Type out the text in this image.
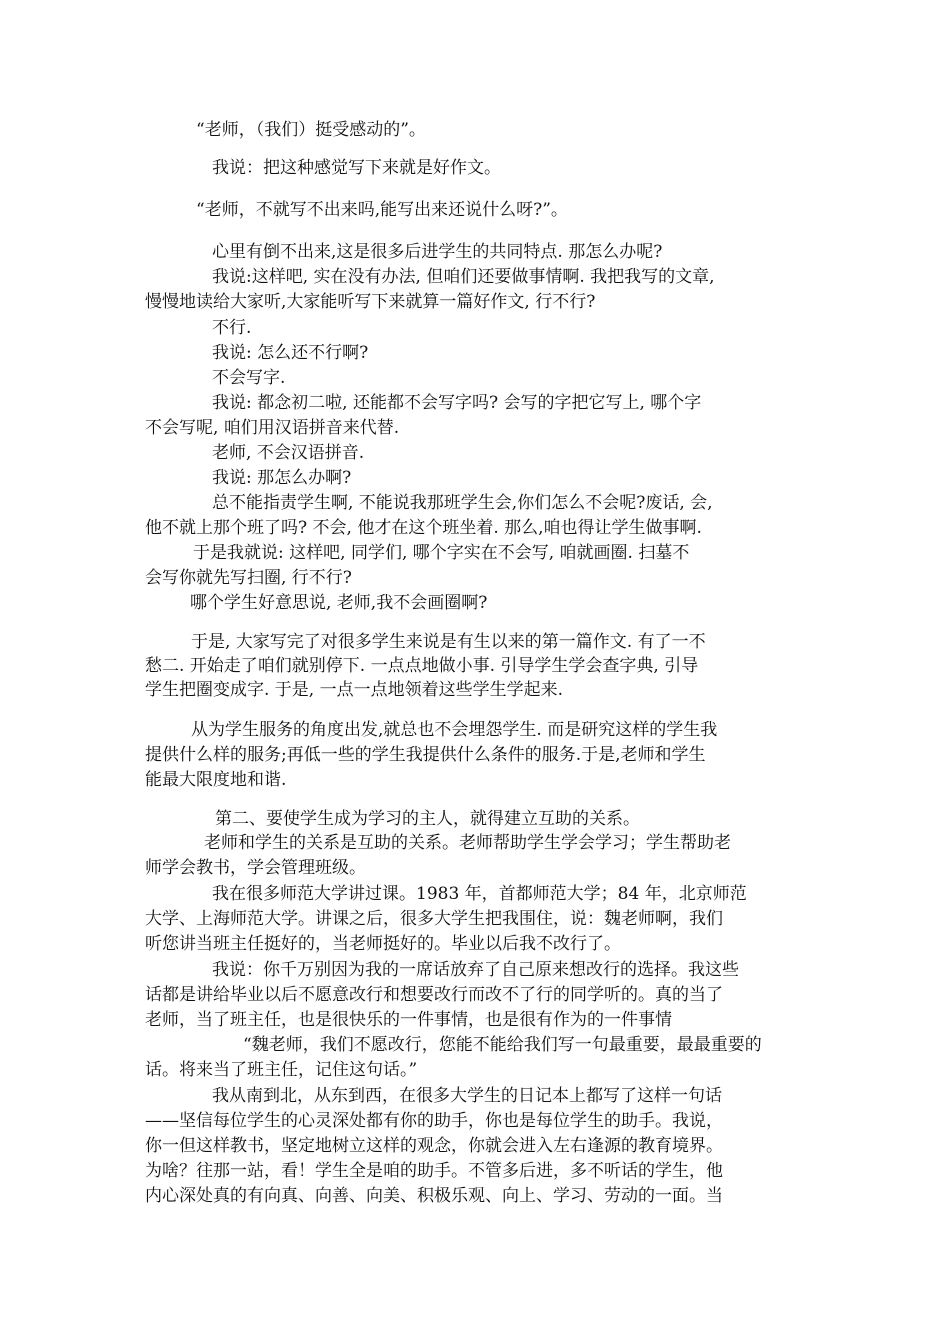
“老师，（我们）挺受感动的”。
我说：把这种感觉写下来就是好作文。
“老师，不就写不出来吗,能写出来还说什么呀?”。
心里有倒不出来,这是很多后进学生的共同特点. 那怎么办呢?
我说:这样吧, 实在没有办法, 但咱们还要做事情啊. 我把我写的文章,
慢慢地读给大家听,大家能听写下来就算一篇好作文, 行不行?
不行.
我说: 怎么还不行啊?
不会写字.
我说: 都念初二啦, 还能都不会写字吗? 会写的字把它写上, 哪个字
不会写呢, 咱们用汉语拼音来代替.
老师, 不会汉语拼音.
我说: 那怎么办啊?
总不能指责学生啊, 不能说我那班学生会,你们怎么不会呢?废话, 会,
他不就上那个班了吗? 不会, 他才在这个班坐着. 那么,咱也得让学生做事啊.
于是我就说: 这样吧, 同学们, 哪个字实在不会写, 咱就画圈. 扫墓不
会写你就先写扫圈, 行不行?
哪个学生好意思说, 老师,我不会画圈啊?
于是, 大家写完了对很多学生来说是有生以来的第一篇作文. 有了一不
愁二. 开始走了咱们就别停下. 一点点地做小事. 引导学生学会查字典, 引导
学生把圈变成字. 于是, 一点一点地领着这些学生学起来.
从为学生服务的角度出发,就总也不会埋怨学生. 而是研究这样的学生我
提供什么样的服务;再低一些的学生我提供什么条件的服务.于是,老师和学生
能最大限度地和谐.
第二、要使学生成为学习的主人，就得建立互助的关系。
老师和学生的关系是互助的关系。老师帮助学生学会学习；学生帮助老
师学会教书，学会管理班级。
我在很多师范大学讲过课。1983 年，首都师范大学；84 年，北京师范
大学、上海师范大学。讲课之后，很多大学生把我围住，说：魏老师啊，我们
听您讲当班主任挺好的，当老师挺好的。毕业以后我不改行了。
我说：你千万别因为我的一席话放弃了自己原来想改行的选择。我这些
话都是讲给毕业以后不愿意改行和想要改行而改不了行的同学听的。真的当了
老师，当了班主任，也是很快乐的一件事情，也是很有作为的一件事情
“魏老师，我们不愿改行，您能不能给我们写一句最重要，最最重要的
话。将来当了班主任，记住这句话。”
我从南到北，从东到西，在很多大学生的日记本上都写了这样一句话
——坚信每位学生的心灵深处都有你的助手，你也是每位学生的助手。我说，
你一但这样教书，坚定地树立这样的观念，你就会进入左右逢源的教育境界。
为啥？往那一站，看！学生全是咱的助手。不管多后进，多不听话的学生，他
内心深处真的有向真、向善、向美、积极乐观、向上、学习、劳动的一面。当
